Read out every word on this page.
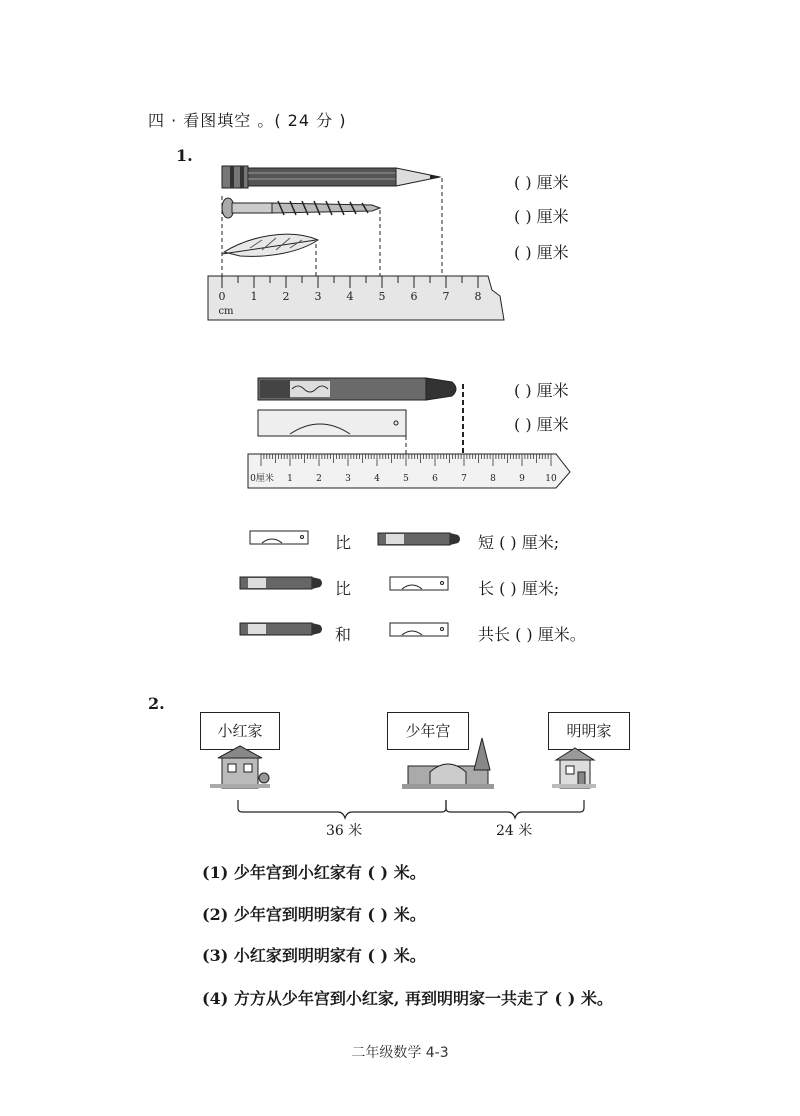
四 · 看图填空 。( 24 分 )
1.
0 1 2 3 4 5 6 7 8
cm
( ) 厘米
( ) 厘米
( ) 厘米
0厘米 1	2	3	4	5	6	7	8	9 10
( ) 厘米
( ) 厘米
比	短 ( ) 厘米;
比	长 ( ) 厘米;
和	共长 ( ) 厘米。
2.
小红家	少年宫	明明家
36 米	24 米
(1) 少年宫到小红家有 ( ) 米。
(2) 少年宫到明明家有 ( ) 米。
(3) 小红家到明明家有 ( ) 米。
(4) 方方从少年宫到小红家, 再到明明家一共走了 ( ) 米。
二年级数学 4-3
